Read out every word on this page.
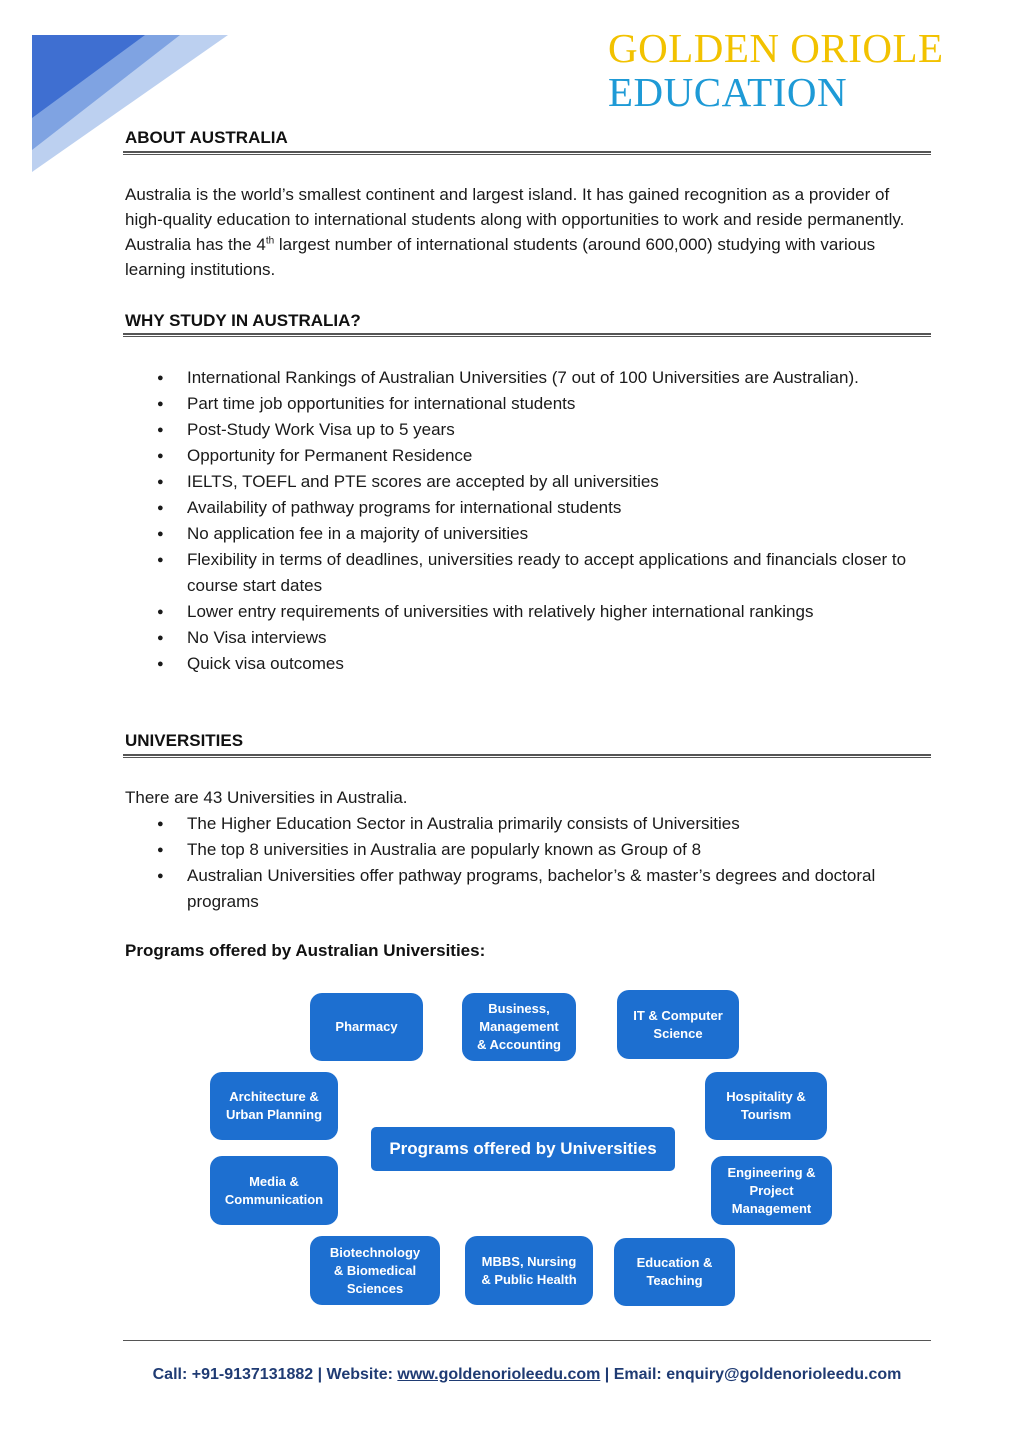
GOLDEN ORIOLE
EDUCATION
ABOUT AUSTRALIA

Australia is the world’s smallest continent and largest island. It has gained recognition as a provider of high-quality education to international students along with opportunities to work and reside permanently. Australia has the 4th largest number of international students (around 600,000) studying with various learning institutions.

WHY STUDY IN AUSTRALIA?
● International Rankings of Australian Universities (7 out of 100 Universities are Australian).
● Part time job opportunities for international students
● Post-Study Work Visa up to 5 years
● Opportunity for Permanent Residence
● IELTS, TOEFL and PTE scores are accepted by all universities
● Availability of pathway programs for international students
● No application fee in a majority of universities
● Flexibility in terms of deadlines, universities ready to accept applications and financials closer to course start dates
● Lower entry requirements of universities with relatively higher international rankings
● No Visa interviews
● Quick visa outcomes
UNIVERSITIES

There are 43 Universities in Australia.

● The Higher Education Sector in Australia primarily consists of Universities
● The top 8 universities in Australia are popularly known as Group of 8
● Australian Universities offer pathway programs, bachelor’s & master’s degrees and doctoral programs
Programs offered by Australian Universities:
Pharmacy
Business,
Management
& Accounting
IT & Computer
Science
Architecture &
Urban Planning
Hospitality &
Tourism
Programs offered by Universities
Media &
Communication
Engineering &
Project
Management
Biotechnology
& Biomedical
Sciences
MBBS, Nursing
& Public Health
Education &
Teaching
Call: +91-9137131882 | Website: www.goldenorioleedu.com | Email: enquiry@goldenorioleedu.com
